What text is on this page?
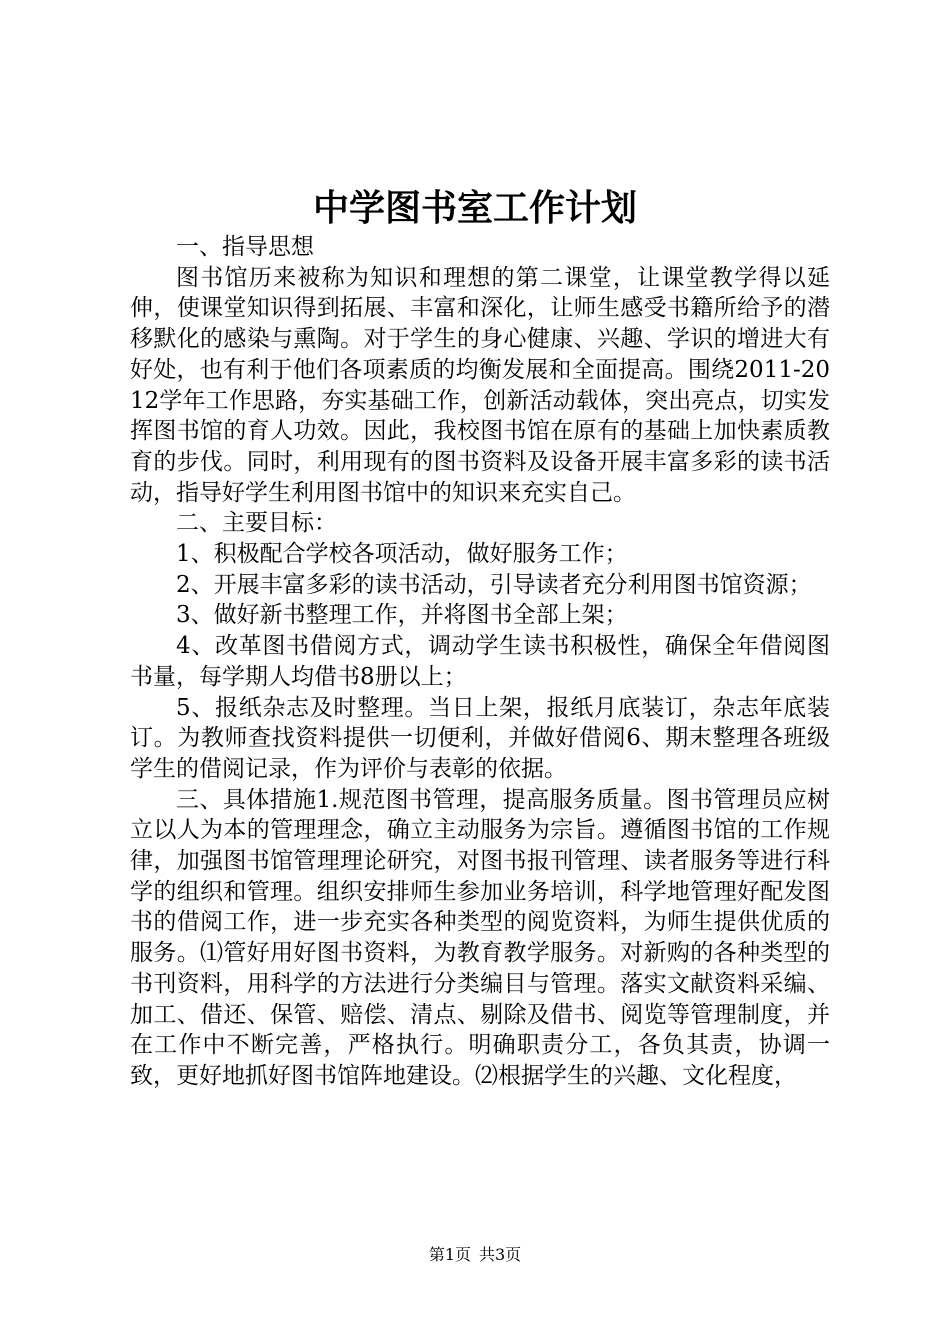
中学图书室工作计划

一、指导思想

图书馆历来被称为知识和理想的第二课堂，让课堂教学得以延伸，使课堂知识得到拓展、丰富和深化，让师生感受书籍所给予的潜移默化的感染与熏陶。对于学生的身心健康、兴趣、学识的增进大有好处，也有利于他们各项素质的均衡发展和全面提高。围绕2011-2012学年工作思路，夯实基础工作，创新活动载体，突出亮点，切实发挥图书馆的育人功效。因此，我校图书馆在原有的基础上加快素质教育的步伐。同时，利用现有的图书资料及设备开展丰富多彩的读书活动，指导好学生利用图书馆中的知识来充实自己。

二、主要目标：

1、积极配合学校各项活动，做好服务工作；

2、开展丰富多彩的读书活动，引导读者充分利用图书馆资源；

3、做好新书整理工作，并将图书全部上架；

4、改革图书借阅方式，调动学生读书积极性，确保全年借阅图书量，每学期人均借书8册以上；

5、报纸杂志及时整理。当日上架，报纸月底装订，杂志年底装订。为教师查找资料提供一切便利，并做好借阅6、期末整理各班级学生的借阅记录，作为评价与表彰的依据。

三、具体措施1.规范图书管理，提高服务质量。图书管理员应树立以人为本的管理理念，确立主动服务为宗旨。遵循图书馆的工作规律，加强图书馆管理理论研究，对图书报刊管理、读者服务等进行科学的组织和管理。组织安排师生参加业务培训，科学地管理好配发图书的借阅工作，进一步充实各种类型的阅览资料，为师生提供优质的服务。⑴管好用好图书资料，为教育教学服务。对新购的各种类型的书刊资料，用科学的方法进行分类编目与管理。落实文献资料采编、加工、借还、保管、赔偿、清点、剔除及借书、阅览等管理制度，并在工作中不断完善，严格执行。明确职责分工，各负其责，协调一致，更好地抓好图书馆阵地建设。⑵根据学生的兴趣、文化程度，

第1页 共3页
